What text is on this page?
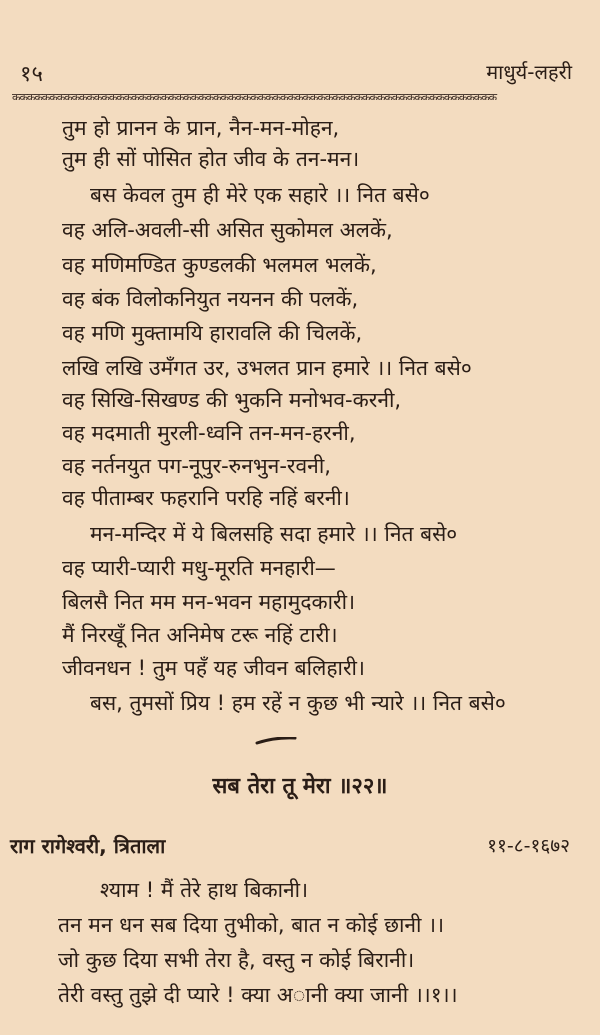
१५	माधुर्य-लहरी
ककककककककककककककककककककककककककककककककककककककककककककककककककककककककककककककककक
तुम हो प्रानन के प्रान, नैन-मन-मोहन,
तुम ही सों पोसित होत जीव के तन-मन।
बस केवल तुम ही मेरे एक सहारे ।। नित बसे०
वह अलि-अवली-सी असित सुकोमल अलकें,
वह मणिमण्डित कुण्डलकी भलमल भलकें,
वह बंक विलोकनियुत नयनन की पलकें,
वह मणि मुक्तामयि हारावलि की चिलकें,
लखि लखि उमँगत उर, उभलत प्रान हमारे ।। नित बसे०
वह सिखि-सिखण्ड की भुकनि मनोभव-करनी,
वह मदमाती मुरली-ध्वनि तन-मन-हरनी,
वह नर्तनयुत पग-नूपुर-रुनभुन-रवनी,
वह पीताम्बर फहरानि परहि नहिं बरनी।
मन-मन्दिर में ये बिलसहि सदा हमारे ।। नित बसे०
वह प्यारी-प्यारी मधु-मूरति मनहारी—
बिलसै नित मम मन-भवन महामुदकारी।
मैं निरखूँ नित अनिमेष टरू नहिं टारी।
जीवनधन ! तुम पहँ यह जीवन बलिहारी।
बस, तुमसों प्रिय ! हम रहें न कुछ भी न्यारे ।। नित बसे०
सब तेरा तू मेरा ॥२२॥
राग रागेश्वरी, त्रिताला	११-८-१६७२
श्याम ! मैं तेरे हाथ बिकानी।
तन मन धन सब दिया तुभीको, बात न कोई छानी ।।
जो कुछ दिया सभी तेरा है, वस्तु न कोई बिरानी।
तेरी वस्तु तुझे दी प्यारे ! क्या अानी क्या जानी ।।१।।
